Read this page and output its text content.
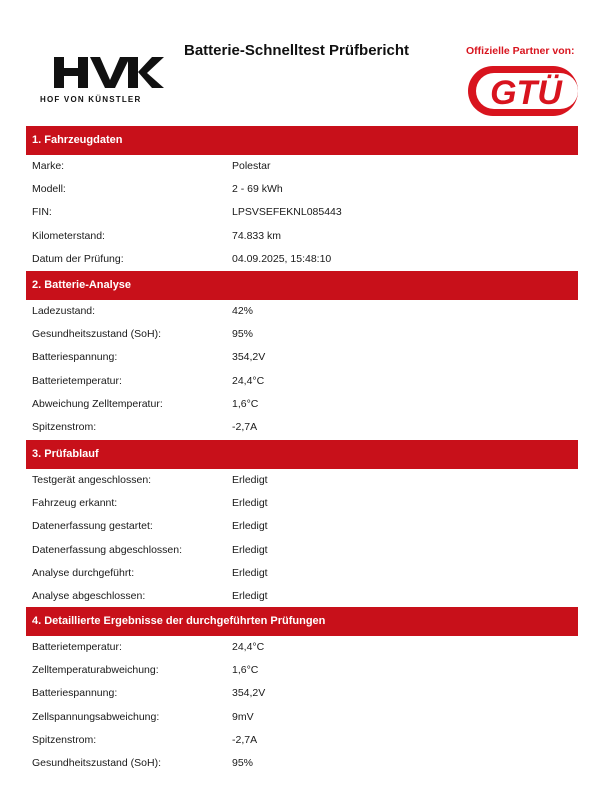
HOF VON KÜNSTLER
Batterie-Schnelltest Prüfbericht	Offizielle Partner von:
GTÜ
1. Fahrzeugdaten
Marke:	Polestar
Modell:	2 - 69 kWh
FIN:	LPSVSEFEKNL085443
Kilometerstand:	74.833 km
Datum der Prüfung:	04.09.2025, 15:48:10
2. Batterie-Analyse
Ladezustand:	42%
Gesundheitszustand (SoH):	95%
Batteriespannung:	354,2V
Batterietemperatur:	24,4°C
Abweichung Zelltemperatur:	1,6°C
Spitzenstrom:	-2,7A
3. Prüfablauf
Testgerät angeschlossen:	Erledigt
Fahrzeug erkannt:	Erledigt
Datenerfassung gestartet:	Erledigt
Datenerfassung abgeschlossen:	Erledigt
Analyse durchgeführt:	Erledigt
Analyse abgeschlossen:	Erledigt
4. Detaillierte Ergebnisse der durchgeführten Prüfungen
Batterietemperatur:	24,4°C
Zelltemperaturabweichung:	1,6°C
Batteriespannung:	354,2V
Zellspannungsabweichung:	9mV
Spitzenstrom:	-2,7A
Gesundheitszustand (SoH):	95%
